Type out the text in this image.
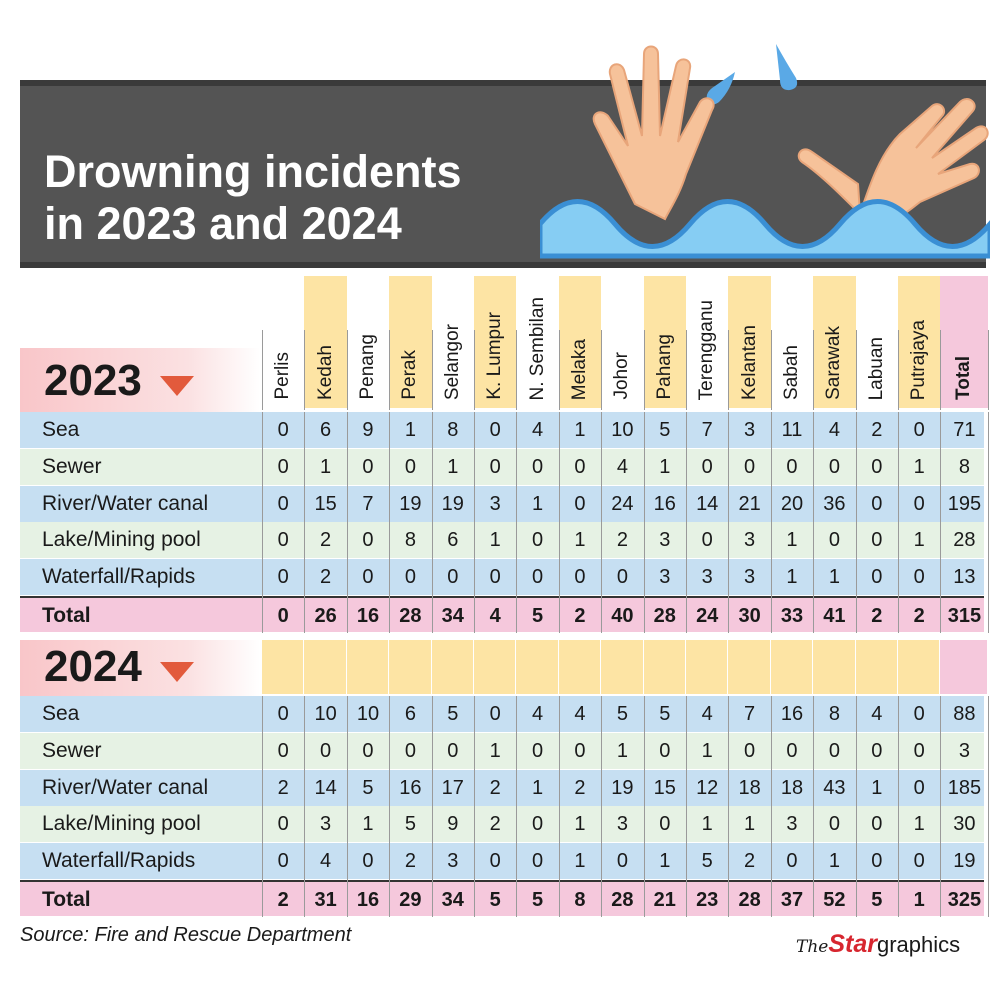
Drowning incidents
in 2023 and 2024
Source: Fire and Rescue Department
TheStargraphics
Perlis Kedah Penang Perak Selangor K. Lumpur N. Sembilan Melaka Johor Pahang Terengganu Kelantan Sabah Sarawak Labuan Putrajaya Total
2023
Sea	0	6	9	1	8	0	4	1	10	5	7	3	11	4	2	0	71
Sewer	0	1	0	0	1	0	0	0	4	1	0	0	0	0	0	1	8
River/Water canal	0	15	7	19	19	3	1	0	24	16	14	21	20	36	0	0	195
Lake/Mining pool	0	2	0	8	6	1	0	1	2	3	0	3	1	0	0	1	28
Waterfall/Rapids	0	2	0	0	0	0	0	0	0	3	3	3	1	1	0	0	13
Total	0	26	16	28	34	4	5	2	40	28	24	30	33	41	2	2	315
2024
Sea	0	10	10	6	5	0	4	4	5	5	4	7	16	8	4	0	88
Sewer	0	0	0	0	0	1	0	0	1	0	1	0	0	0	0	0	3
River/Water canal	2	14	5	16	17	2	1	2	19	15	12	18	18	43	1	0	185
Lake/Mining pool	0	3	1	5	9	2	0	1	3	0	1	1	3	0	0	1	30
Waterfall/Rapids	0	4	0	2	3	0	0	1	0	1	5	2	0	1	0	0	19
Total	2	31	16	29	34	5	5	8	28	21	23	28	37	52	5	1	325
